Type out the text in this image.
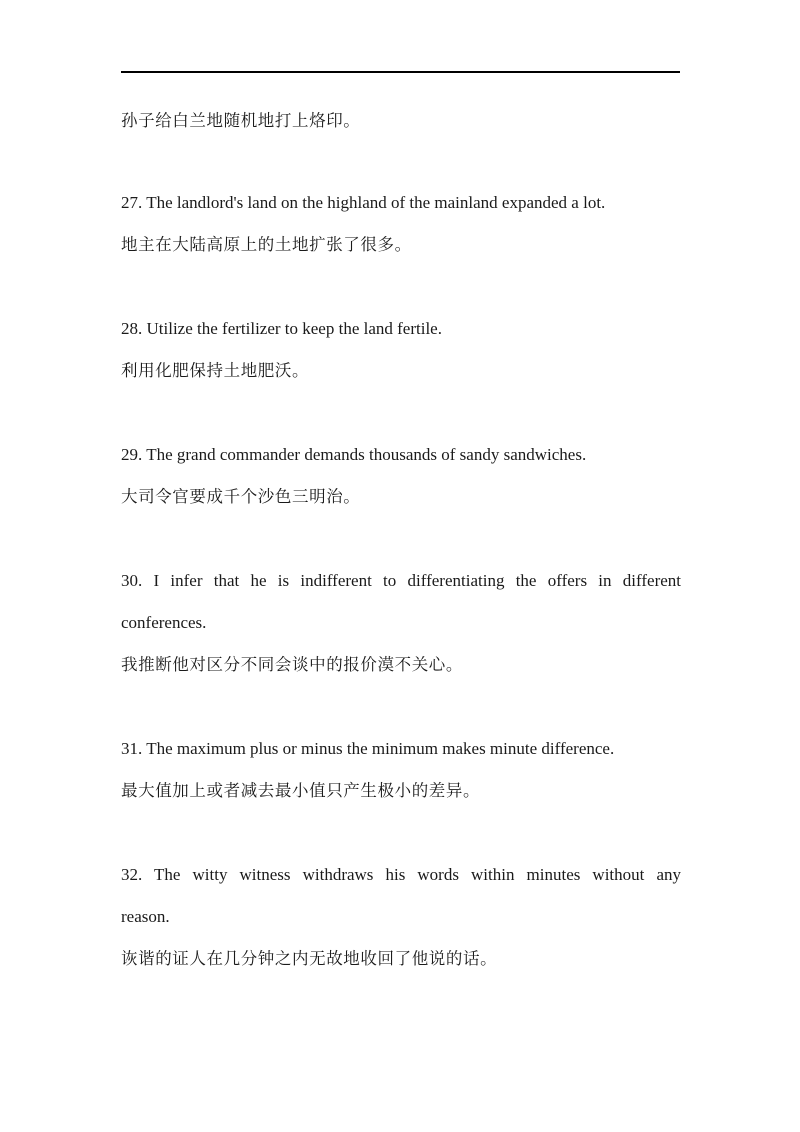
孙子给白兰地随机地打上烙印。
27. The landlord's land on the highland of the mainland expanded a lot.
地主在大陆高原上的土地扩张了很多。
28. Utilize the fertilizer to keep the land fertile.
利用化肥保持土地肥沃。
29. The grand commander demands thousands of sandy sandwiches.
大司令官要成千个沙色三明治。
30. I infer that he is indifferent to differentiating the offers in different
conferences.
我推断他对区分不同会谈中的报价漠不关心。
31. The maximum plus or minus the minimum makes minute difference.
最大值加上或者减去最小值只产生极小的差异。
32. The witty witness withdraws his words within minutes without any
reason.
诙谐的证人在几分钟之内无故地收回了他说的话。
